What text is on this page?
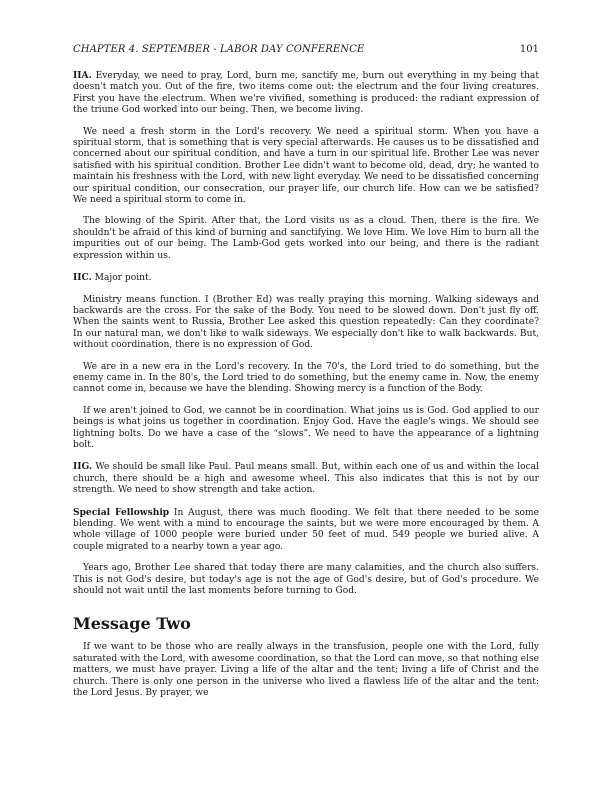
CHAPTER 4. SEPTEMBER - LABOR DAY CONFERENCE	101

IIA. Everyday, we need to pray, Lord, burn me, sanctify me, burn out everything in my being that doesn't match you. Out of the fire, two items come out: the electrum and the four living creatures. First you have the electrum. When we're vivified, something is produced: the radiant expression of the triune God worked into our being. Then, we become living.

We need a fresh storm in the Lord's recovery. We need a spiritual storm. When you have a spiritual storm, that is something that is very special afterwards. He causes us to be dissatisfied and concerned about our spiritual condition, and have a turn in our spiritual life. Brother Lee was never satisfied with his spiritual condition. Brother Lee didn't want to become old, dead, dry; he wanted to maintain his freshness with the Lord, with new light everyday. We need to be dissatisfied concerning our spiritual condition, our consecration, our prayer life, our church life. How can we be satisfied? We need a spiritual storm to come in.

The blowing of the Spirit. After that, the Lord visits us as a cloud. Then, there is the fire. We shouldn't be afraid of this kind of burning and sanctifying. We love Him. We love Him to burn all the impurities out of our being. The Lamb-God gets worked into our being, and there is the radiant expression within us.

IIC. Major point.

Ministry means function. I (Brother Ed) was really praying this morning. Walking sideways and backwards are the cross. For the sake of the Body. You need to be slowed down. Don't just fly off. When the saints went to Russia, Brother Lee asked this question repeatedly: Can they coordinate? In our natural man, we don't like to walk sideways. We especially don't like to walk backwards. But, without coordination, there is no expression of God.

We are in a new era in the Lord's recovery. In the 70's, the Lord tried to do something, but the enemy came in. In the 80's, the Lord tried to do something, but the enemy came in. Now, the enemy cannot come in, because we have the blending. Showing mercy is a function of the Body.

If we aren't joined to God, we cannot be in coordination. What joins us is God. God applied to our beings is what joins us together in coordination. Enjoy God. Have the eagle's wings. We should see lightning bolts. Do we have a case of the “slows”. We need to have the appearance of a lightning bolt.

IIG. We should be small like Paul. Paul means small. But, within each one of us and within the local church, there should be a high and awesome wheel. This also indicates that this is not by our strength. We need to show strength and take action.

Special Fellowship In August, there was much flooding. We felt that there needed to be some blending. We went with a mind to encourage the saints, but we were more encouraged by them. A whole village of 1000 people were buried under 50 feet of mud. 549 people we buried alive. A couple migrated to a nearby town a year ago.

Years ago, Brother Lee shared that today there are many calamities, and the church also suffers. This is not God's desire, but today's age is not the age of God's desire, but of God's procedure. We should not wait until the last moments before turning to God.

Message Two

If we want to be those who are really always in the transfusion, people one with the Lord, fully saturated with the Lord, with awesome coordination, so that the Lord can move, so that nothing else matters, we must have prayer. Living a life of the altar and the tent; living a life of Christ and the church. There is only one person in the universe who lived a flawless life of the altar and the tent: the Lord Jesus. By prayer, we
